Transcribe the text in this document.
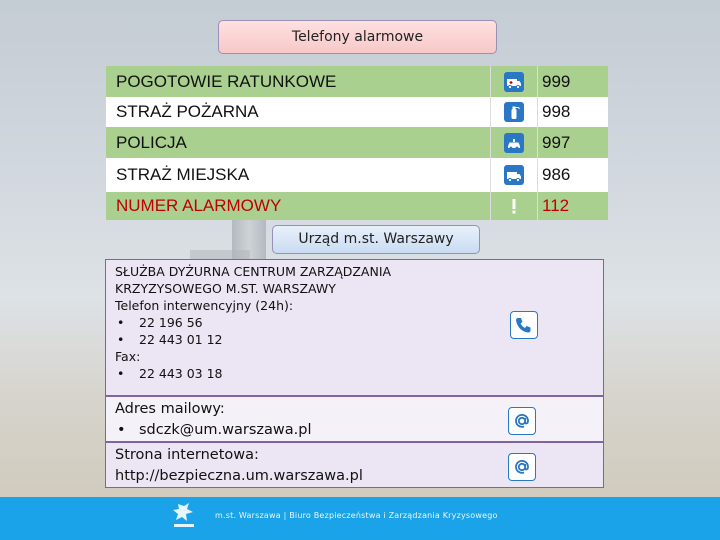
Telefony alarmowe
POGOTOWIE RATUNKOWE	999
STRAŻ POŻARNA	998
POLICJA	997
STRAŻ MIEJSKA	986
NUMER ALARMOWY	112
Urząd m.st. Warszawy
SŁUŻBA DYŻURNA CENTRUM ZARZĄDZANIA
KRZYZYSOWEGO M.ST. WARSZAWY
Telefon interwencyjny (24h):
• 22 196 56
• 22 443 01 12
Fax:
• 22 443 03 18
Adres mailowy:
• sdczk@um.warszawa.pl
Strona internetowa:
http://bezpieczna.um.warszawa.pl
m.st. Warszawa | Biuro Bezpieczeństwa i Zarządzania Kryzysowego
